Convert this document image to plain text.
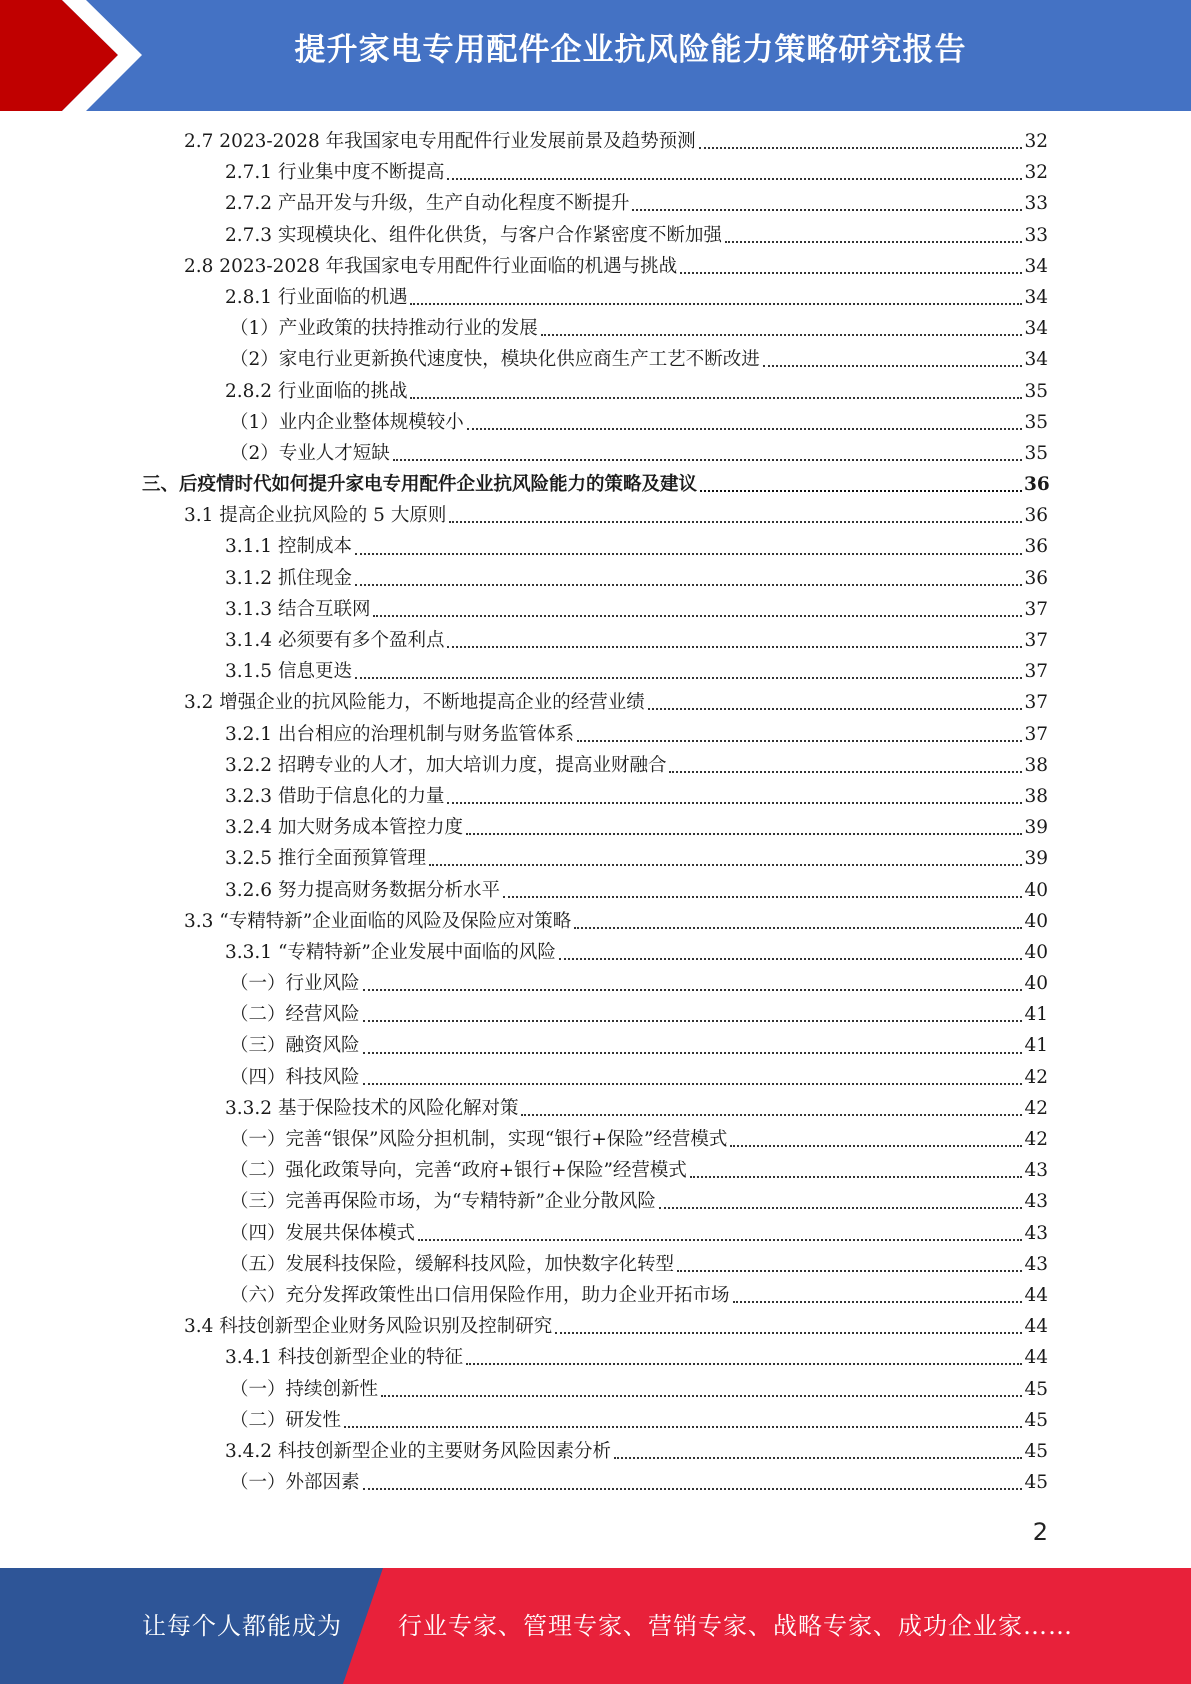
提升家电专用配件企业抗风险能力策略研究报告
2.7 2023-2028 年我国家电专用配件行业发展前景及趋势预测	32
2.7.1 行业集中度不断提高	32
2.7.2 产品开发与升级，生产自动化程度不断提升	33
2.7.3 实现模块化、组件化供货，与客户合作紧密度不断加强	33
2.8 2023-2028 年我国家电专用配件行业面临的机遇与挑战	34
2.8.1 行业面临的机遇	34
（1）产业政策的扶持推动行业的发展	34
（2）家电行业更新换代速度快，模块化供应商生产工艺不断改进	34
2.8.2 行业面临的挑战	35
（1）业内企业整体规模较小	35
（2）专业人才短缺	35
三、后疫情时代如何提升家电专用配件企业抗风险能力的策略及建议	36
3.1 提高企业抗风险的 5 大原则	36
3.1.1 控制成本	36
3.1.2 抓住现金	36
3.1.3 结合互联网	37
3.1.4 必须要有多个盈利点	37
3.1.5 信息更迭	37
3.2 增强企业的抗风险能力，不断地提高企业的经营业绩	37
3.2.1 出台相应的治理机制与财务监管体系	37
3.2.2 招聘专业的人才，加大培训力度，提高业财融合	38
3.2.3 借助于信息化的力量	38
3.2.4 加大财务成本管控力度	39
3.2.5 推行全面预算管理	39
3.2.6 努力提高财务数据分析水平	40
3.3 “专精特新”企业面临的风险及保险应对策略	40
3.3.1 “专精特新”企业发展中面临的风险	40
（一）行业风险	40
（二）经营风险	41
（三）融资风险	41
（四）科技风险	42
3.3.2 基于保险技术的风险化解对策	42
（一）完善“银保”风险分担机制，实现“银行+保险”经营模式	42
（二）强化政策导向，完善“政府+银行+保险”经营模式	43
（三）完善再保险市场，为“专精特新”企业分散风险	43
（四）发展共保体模式	43
（五）发展科技保险，缓解科技风险，加快数字化转型	43
（六）充分发挥政策性出口信用保险作用，助力企业开拓市场	44
3.4 科技创新型企业财务风险识别及控制研究	44
3.4.1 科技创新型企业的特征	44
（一）持续创新性	45
（二）研发性	45
3.4.2 科技创新型企业的主要财务风险因素分析	45
（一）外部因素	45
2
让每个人都能成为 行业专家、管理专家、营销专家、战略专家、成功企业家……
